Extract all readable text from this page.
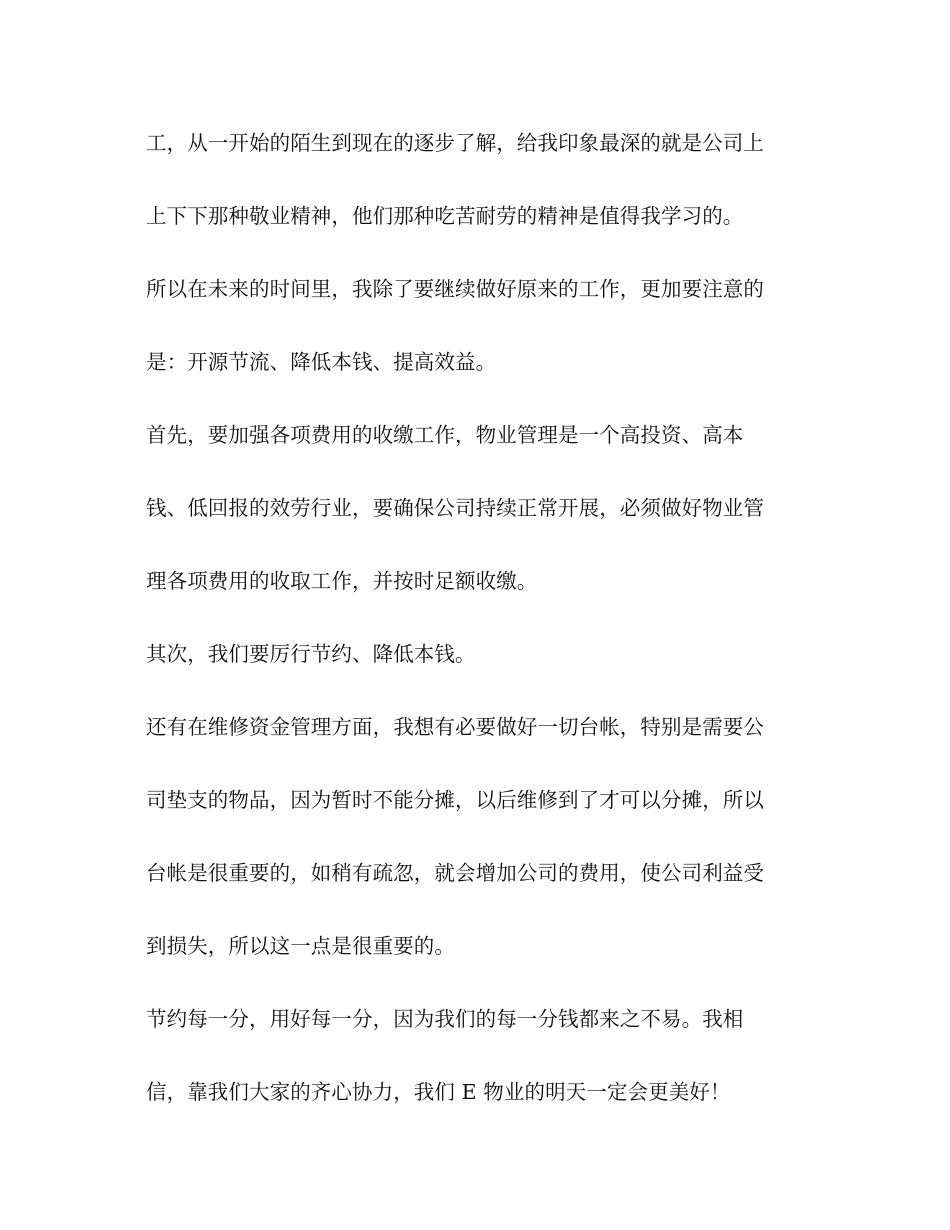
工，从一开始的陌生到现在的逐步了解，给我印象最深的就是公司上
上下下那种敬业精神，他们那种吃苦耐劳的精神是值得我学习的。
所以在未来的时间里，我除了要继续做好原来的工作，更加要注意的
是：开源节流、降低本钱、提高效益。
首先，要加强各项费用的收缴工作，物业管理是一个高投资、高本
钱、低回报的效劳行业，要确保公司持续正常开展，必须做好物业管
理各项费用的收取工作，并按时足额收缴。
其次，我们要厉行节约、降低本钱。
还有在维修资金管理方面，我想有必要做好一切台帐，特别是需要公
司垫支的物品，因为暂时不能分摊，以后维修到了才可以分摊，所以
台帐是很重要的，如稍有疏忽，就会增加公司的费用，使公司利益受
到损失，所以这一点是很重要的。
节约每一分，用好每一分，因为我们的每一分钱都来之不易。我相
信，靠我们大家的齐心协力，我们 E 物业的明天一定会更美好！
